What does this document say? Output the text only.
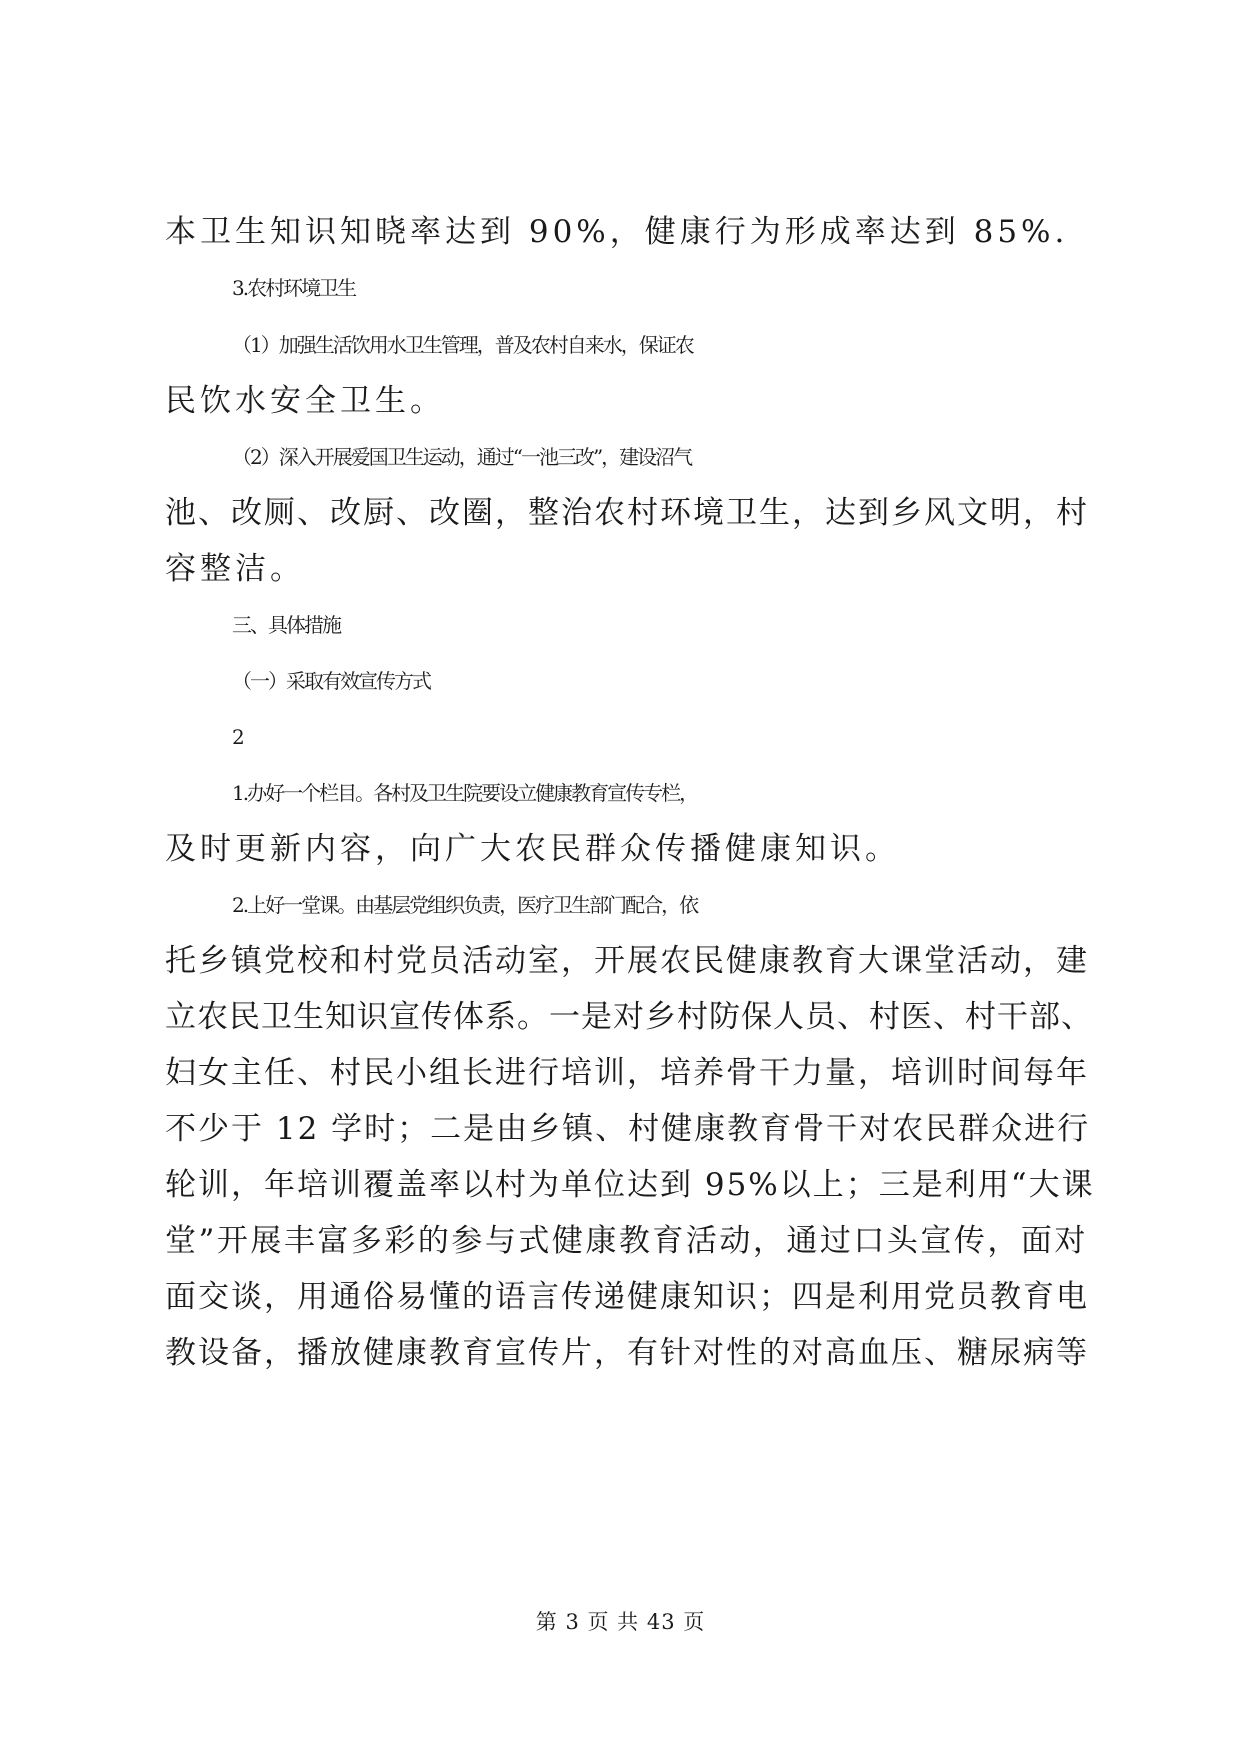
本卫生知识知晓率达到 90%，健康行为形成率达到 85%.
3.农村环境卫生
（1）加强生活饮用水卫生管理，普及农村自来水，保证农
民饮水安全卫生。
（2）深入开展爱国卫生运动，通过“一池三改”，建设沼气
池、改厕、改厨、改圈，整治农村环境卫生，达到乡风文明，村
容整洁。
三、具体措施
（一）采取有效宣传方式
2
1.办好一个栏目。各村及卫生院要设立健康教育宣传专栏，
及时更新内容，向广大农民群众传播健康知识。
2.上好一堂课。由基层党组织负责，医疗卫生部门配合，依
托乡镇党校和村党员活动室，开展农民健康教育大课堂活动，建
立农民卫生知识宣传体系。一是对乡村防保人员、村医、村干部、
妇女主任、村民小组长进行培训，培养骨干力量，培训时间每年
不少于 12 学时；二是由乡镇、村健康教育骨干对农民群众进行
轮训，年培训覆盖率以村为单位达到 95%以上；三是利用“大课
堂”开展丰富多彩的参与式健康教育活动，通过口头宣传，面对
面交谈，用通俗易懂的语言传递健康知识；四是利用党员教育电
教设备，播放健康教育宣传片，有针对性的对高血压、糖尿病等
第 3 页 共 43 页
